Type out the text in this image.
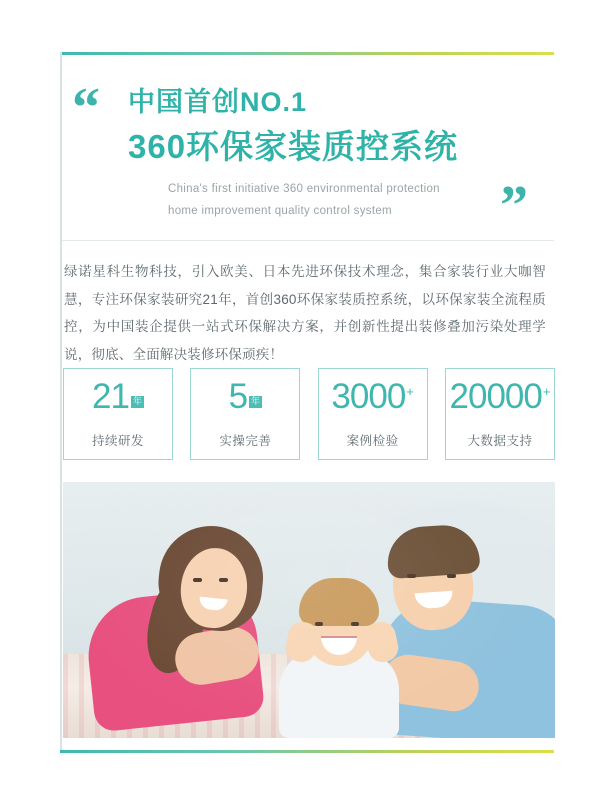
“
”
中国首创NO.1
360环保家装质控系统
China's first initiative 360 environmental protection
home improvement quality control system
绿诺星科生物科技，引入欧美、日本先进环保技术理念，集合家装行业大咖智慧，专注环保家装研究21年，首创360环保家装质控系统，以环保家装全流程质控，为中国装企提供一站式环保解决方案，并创新性提出装修叠加污染处理学说，彻底、全面解决装修环保顽疾！
21 年
持续研发
5 年
实操完善
3000 +
案例检验
20000 +
大数据支持
